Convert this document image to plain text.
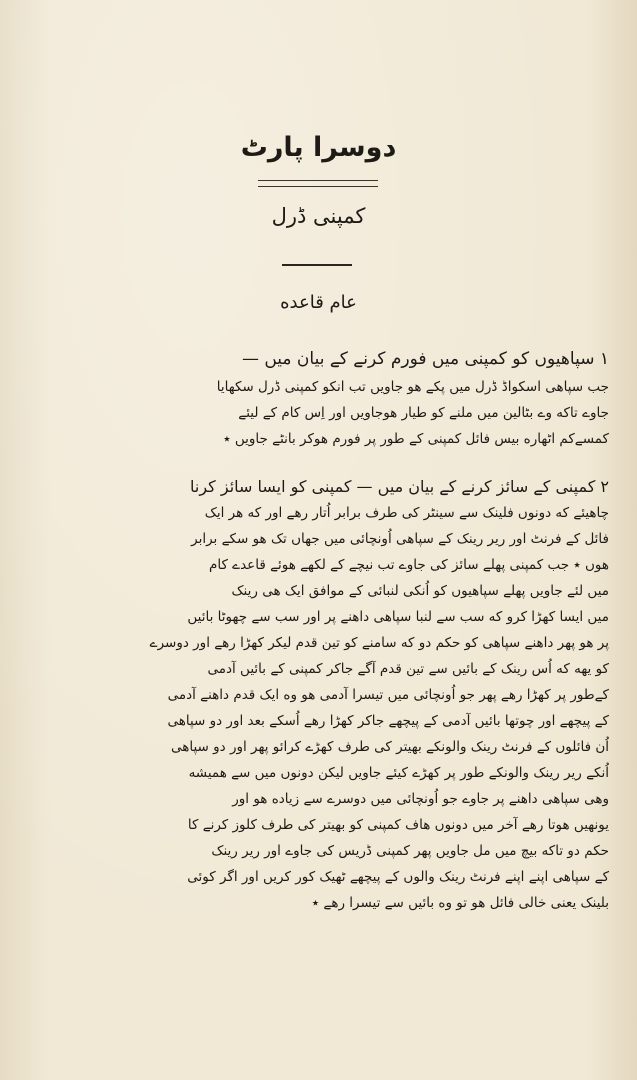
دوسرا پارٹ
کمپنی ڈرل
عام قاعده
۱ سپاهیوں کو کمپنی میں فورم کرنے کے بیان میں —
جب سپاهی اسکواڈ ڈرل میں پکے هو جاویں تب انکو کمپنی ڈرل سکهایا
جاوے تاکه وے بٹالین میں ملنے کو طیار هوجاویں اور اِس کام کے لیئے
کمسےکم اٹهاره بیس فائل کمپنی کے طور پر فورم هوکر بانٹے جاویں ٭
۲ کمپنی کے سائز کرنے کے بیان میں — کمپنی کو ایسا سائز کرنا
چاهیئے که دونوں فلینک سے سینٹر کی طرف برابر اُتار رهے اور که هر ایک
فائل کے فرنٹ اور ریر رینک کے سپاهی اُونچائی میں جهاں تک هو سکے برابر
هوں ٭ جب کمپنی پهلے سائز کی جاوے تب نیچے کے لکهے هوئے قاعدے کام
میں لئے جاویں پهلے سپاهیوں کو اُنکی لنبائی کے موافق ایک هی رینک
میں ایسا کهڑا کرو که سب سے لنبا سپاهی داهنے پر اور سب سے چهوٹا بائیں
پر هو پهر داهنے سپاهی کو حکم دو که سامنے کو تین قدم لیکر کهڑا رهے اور دوسرے
کو یهه که اُس رینک کے بائیں سے تین قدم آگے جاکر کمپنی کے بائیں آدمی
کےطور پر کهڑا رهے پهر جو اُونچائی میں تیسرا آدمی هو وه ایک قدم داهنے آدمی
کے پیچهے اور چوتها بائیں آدمی کے پیچهے جاکر کهڑا رهے اُسکے بعد اور دو سپاهی
اُن فائلوں کے فرنٹ رینک والونکے بهیتر کی طرف کهڑے کرائو پهر اور دو سپاهی
اُنکے ریر رینک والونکے طور پر کهڑے کیئے جاویں لیکن دونوں میں سے همیشه
وهی سپاهی داهنے پر جاوے جو اُونچائی میں دوسرے سے زیاده هو اور
یونهیں هوتا رهے آخر میں دونوں هاف کمپنی کو بهیتر کی طرف کلوز کرنے کا
حکم دو تاکه بیچ میں مل جاویں پهر کمپنی ڈریس کی جاوے اور ریر رینک
کے سپاهی اپنے اپنے فرنٹ رینک والوں کے پیچهے ٹهیک کور کریں اور اگر کوئی
بلینک یعنی خالی فائل هو تو وه بائیں سے تیسرا رهے ٭
